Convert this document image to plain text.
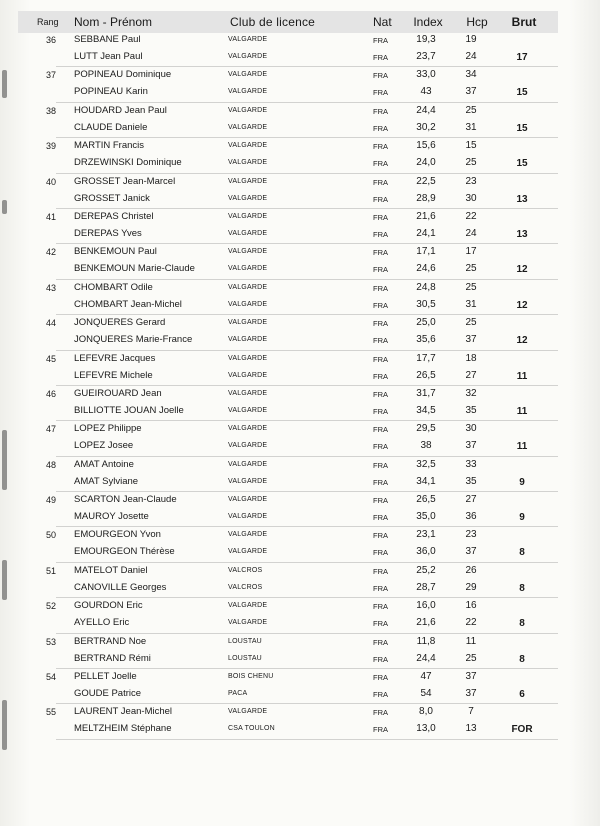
Rang Nom - Prénom	Club de licence	Nat Index Hcp Brut
36 SEBBANE Paul	VALGARDE	FRA	19,3	19
LUTT Jean Paul	VALGARDE	FRA	23,7	24	17
37 POPINEAU Dominique	VALGARDE	FRA	33,0	34
POPINEAU Karin	VALGARDE	FRA	43	37	15
38 HOUDARD Jean Paul	VALGARDE	FRA	24,4	25
CLAUDE Daniele	VALGARDE	FRA	30,2	31	15
39 MARTIN Francis	VALGARDE	FRA	15,6	15
DRZEWINSKI Dominique	VALGARDE	FRA	24,0	25	15
40 GROSSET Jean-Marcel	VALGARDE	FRA	22,5	23
GROSSET Janick	VALGARDE	FRA	28,9	30	13
41 DEREPAS Christel	VALGARDE	FRA	21,6	22
DEREPAS Yves	VALGARDE	FRA	24,1	24	13
42 BENKEMOUN Paul	VALGARDE	FRA	17,1	17
BENKEMOUN Marie-Claude	VALGARDE	FRA	24,6	25	12
43 CHOMBART Odile	VALGARDE	FRA	24,8	25
CHOMBART Jean-Michel	VALGARDE	FRA	30,5	31	12
44 JONQUERES Gerard	VALGARDE	FRA	25,0	25
JONQUERES Marie-France	VALGARDE	FRA	35,6	37	12
45 LEFEVRE Jacques	VALGARDE	FRA	17,7	18
LEFEVRE Michele	VALGARDE	FRA	26,5	27	11
46 GUEIROUARD Jean	VALGARDE	FRA	31,7	32
BILLIOTTE JOUAN Joelle	VALGARDE	FRA	34,5	35	11
47 LOPEZ Philippe	VALGARDE	FRA	29,5	30
LOPEZ Josee	VALGARDE	FRA	38	37	11
48 AMAT Antoine	VALGARDE	FRA	32,5	33
AMAT Sylviane	VALGARDE	FRA	34,1	35	9
49 SCARTON Jean-Claude	VALGARDE	FRA	26,5	27
MAUROY Josette	VALGARDE	FRA	35,0	36	9
50 EMOURGEON Yvon	VALGARDE	FRA	23,1	23
EMOURGEON Thérèse	VALGARDE	FRA	36,0	37	8
51 MATELOT Daniel	VALCROS	FRA	25,2	26
CANOVILLE Georges	VALCROS	FRA	28,7	29	8
52 GOURDON Eric	VALGARDE	FRA	16,0	16
AYELLO Eric	VALGARDE	FRA	21,6	22	8
53 BERTRAND Noe	LOUSTAU	FRA	11,8	11
BERTRAND Rémi	LOUSTAU	FRA	24,4	25	8
54 PELLET Joelle	BOIS CHENU	FRA	47	37
GOUDE Patrice	PACA	FRA	54	37	6
55 LAURENT Jean-Michel	VALGARDE	FRA	8,0	7
MELTZHEIM Stéphane	CSA TOULON	FRA	13,0	13	FOR
